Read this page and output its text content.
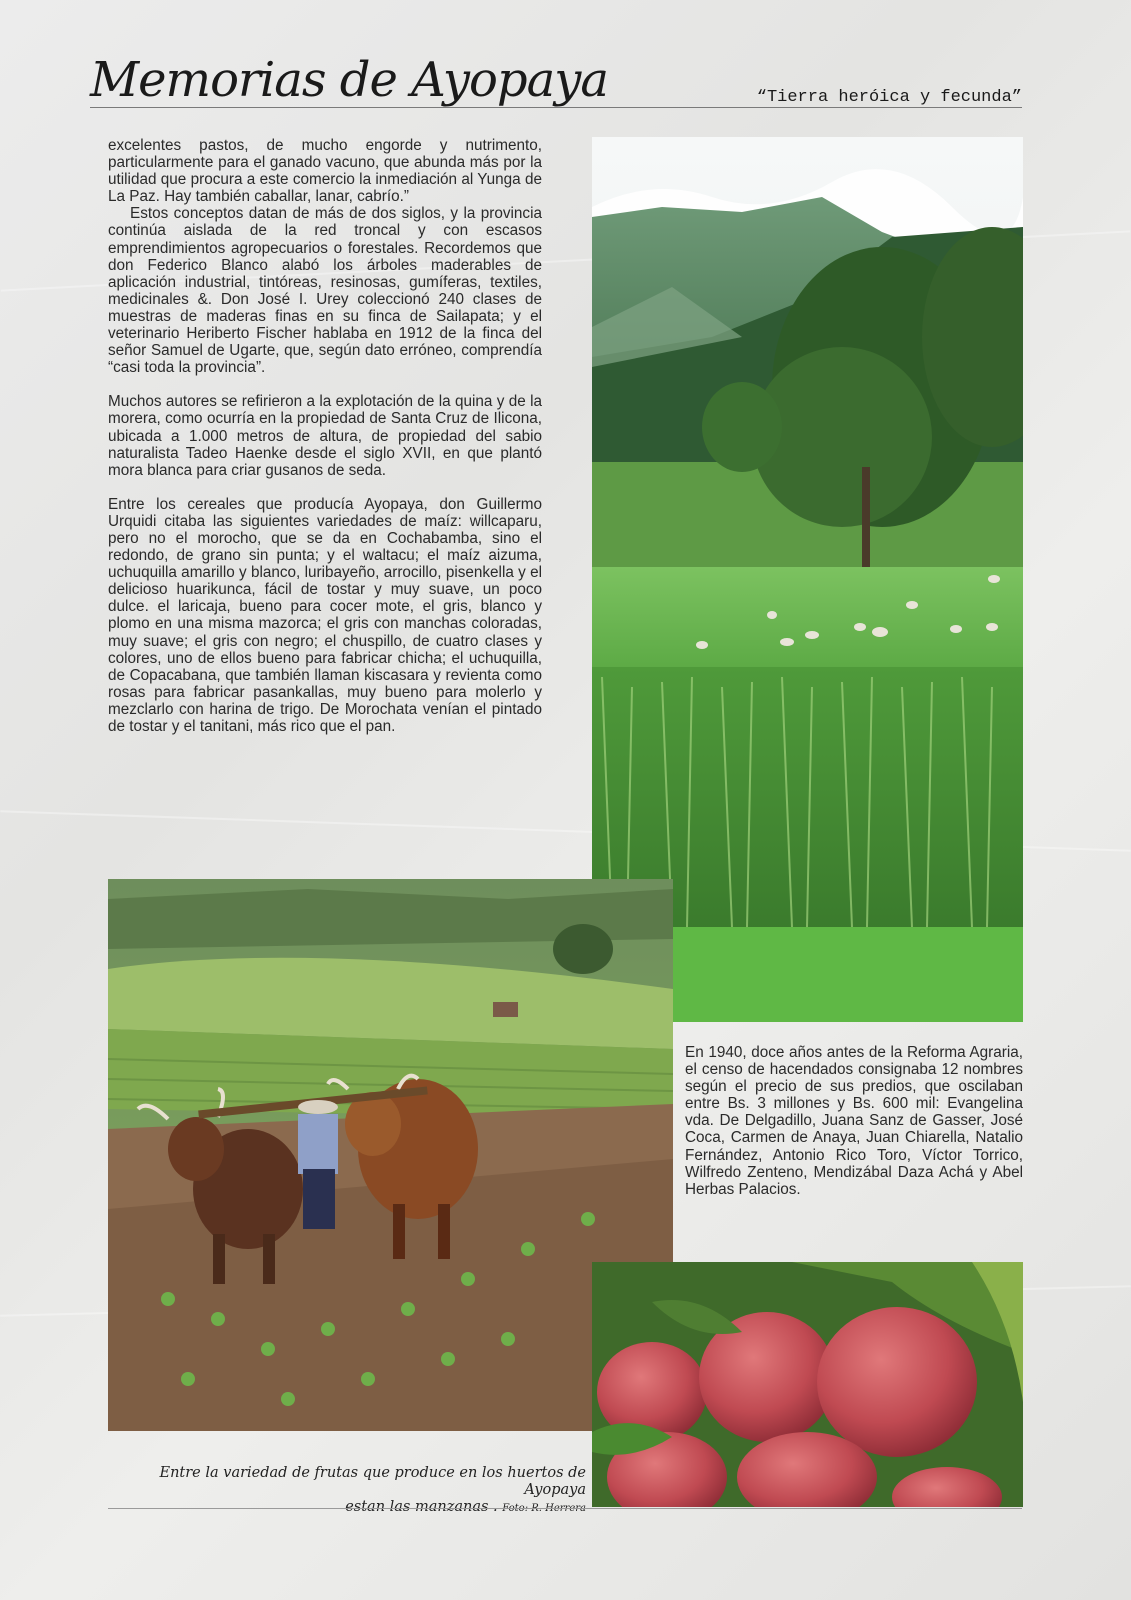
Memorias de Ayopaya	“Tierra heróica y fecunda”

excelentes pastos, de mucho engorde y nutrimento, particularmente para el ganado vacuno, que abunda más por la utilidad que procura a este comercio la inmediación al Yunga de La Paz. Hay también caballar, lanar, cabrío.”

Estos conceptos datan de más de dos siglos, y la provincia continúa aislada de la red troncal y con escasos emprendimientos agropecuarios o forestales. Recordemos que don Federico Blanco alabó los árboles maderables de aplicación industrial, tintóreas, resinosas, gumíferas, textiles, medicinales &. Don José I. Urey coleccionó 240 clases de muestras de maderas finas en su finca de Sailapata; y el veterinario Heriberto Fischer hablaba en 1912 de la finca del señor Samuel de Ugarte, que, según dato erróneo, comprendía “casi toda la provincia”.

Muchos autores se refirieron a la explotación de la quina y de la morera, como ocurría en la propiedad de Santa Cruz de Ilicona, ubicada a 1.000 metros de altura, de propiedad del sabio naturalista Tadeo Haenke desde el siglo XVII, en que plantó mora blanca para criar gusanos de seda.

Entre los cereales que producía Ayopaya, don Guillermo Urquidi citaba las siguientes variedades de maíz: willcaparu, pero no el morocho, que se da en Cochabamba, sino el redondo, de grano sin punta; y el waltacu; el maíz aizuma, uchuquilla amarillo y blanco, luribayeño, arrocillo, pisenkella y el delicioso huarikunca, fácil de tostar y muy suave, un poco dulce. el laricaja, bueno para cocer mote, el gris, blanco y plomo en una misma mazorca; el gris con manchas coloradas, muy suave; el gris con negro; el chuspillo, de cuatro clases y colores, uno de ellos bueno para fabricar chicha; el uchuquilla, de Copacabana, que también llaman kiscasara y revienta como rosas para fabricar pasankallas, muy bueno para molerlo y mezclarlo con harina de trigo. De Morochata venían el pintado de tostar y el tanitani, más rico que el pan.

En 1940, doce años antes de la Reforma Agraria, el censo de hacendados consignaba 12 nombres según el precio de sus predios, que oscilaban entre Bs. 3 millones y Bs. 600 mil: Evangelina vda. De Delgadillo, Juana Sanz de Gasser, José Coca, Carmen de Anaya, Juan Chiarella, Natalio Fernández, Antonio Rico Toro, Víctor Torrico, Wilfredo Zenteno, Mendizábal Daza Achá y Abel Herbas Palacios.

Entre la variedad de frutas que produce en los huertos de Ayopaya
estan las manzanas . Foto: R. Herrera
